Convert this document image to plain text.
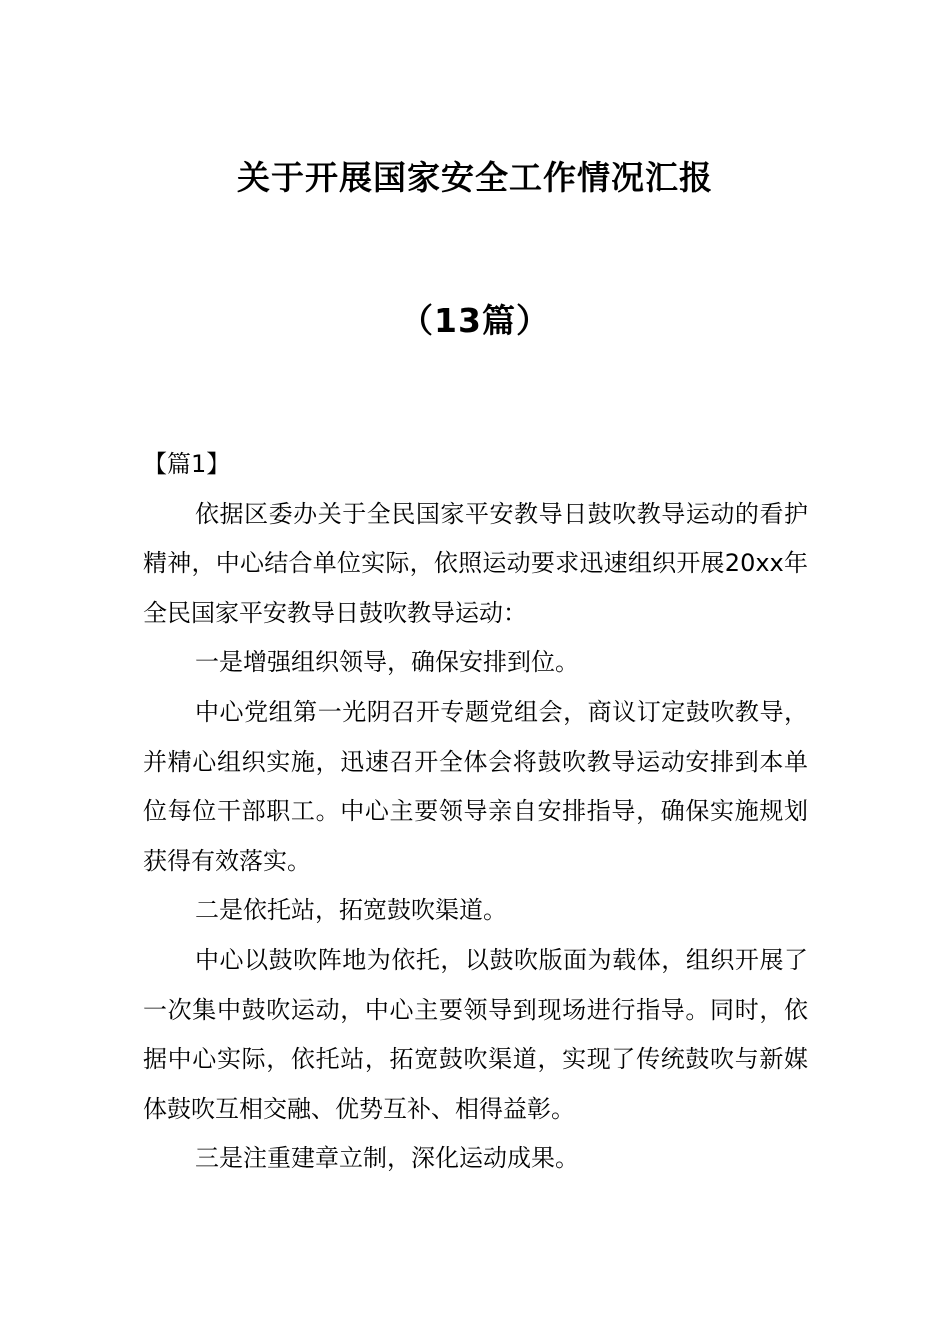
关于开展国家安全工作情况汇报
（13篇）

【篇1】

依据区委办关于全民国家平安教导日鼓吹教导运动的看护精神，中心结合单位实际，依照运动要求迅速组织开展20xx年全民国家平安教导日鼓吹教导运动：

一是增强组织领导，确保安排到位。

中心党组第一光阴召开专题党组会，商议订定鼓吹教导，并精心组织实施，迅速召开全体会将鼓吹教导运动安排到本单位每位干部职工。中心主要领导亲自安排指导，确保实施规划获得有效落实。

二是依托站，拓宽鼓吹渠道。

中心以鼓吹阵地为依托，以鼓吹版面为载体，组织开展了一次集中鼓吹运动，中心主要领导到现场进行指导。同时，依据中心实际，依托站，拓宽鼓吹渠道，实现了传统鼓吹与新媒体鼓吹互相交融、优势互补、相得益彰。

三是注重建章立制，深化运动成果。
